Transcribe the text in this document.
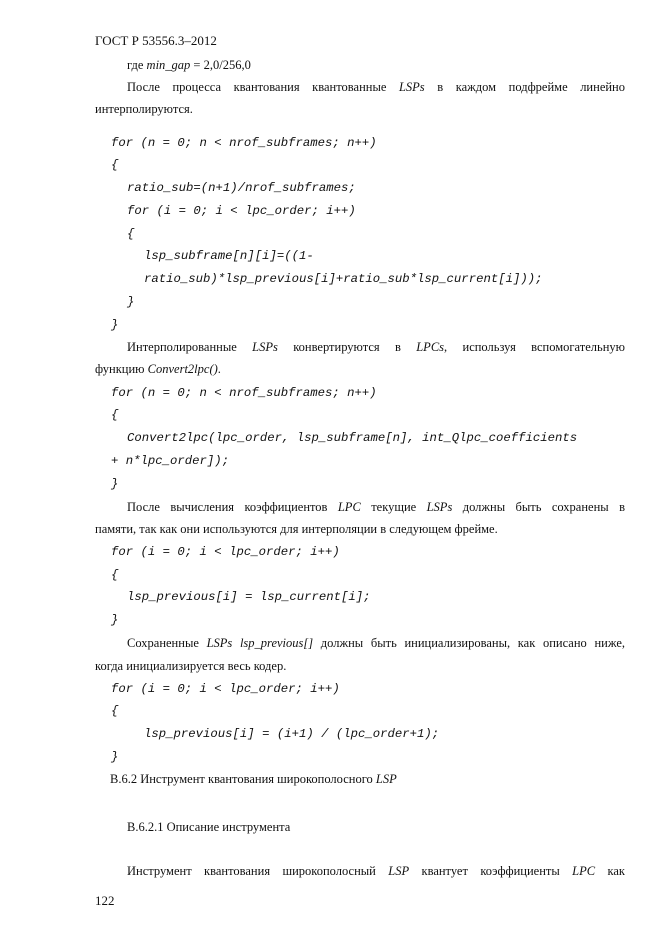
ГОСТ Р 53556.3–2012
где min_gap = 2,0/256,0
После процесса квантования квантованные LSPs в каждом подфрейме линейно
интерполируются.
for (n = 0; n < nrof_subframes; n++)
{
ratio_sub=(n+1)/nrof_subframes;
for (i = 0; i < lpc_order; i++)
{
lsp_subframe[n][i]=((1-
ratio_sub)*lsp_previous[i]+ratio_sub*lsp_current[i]));
}
}
Интерполированные LSPs конвертируются в LPCs, используя вспомогательную
функцию Convert2lpc().
for (n = 0; n < nrof_subframes; n++)
{
Convert2lpc(lpc_order, lsp_subframe[n], int_Qlpc_coefficients
+ n*lpc_order]);
}
После вычисления коэффициентов LPC текущие LSPs должны быть сохранены в
памяти, так как они используются для интерполяции в следующем фрейме.
for (i = 0; i < lpc_order; i++)
{
lsp_previous[i] = lsp_current[i];
}
Сохраненные LSPs lsp_previous[] должны быть инициализированы, как описано ниже,
когда инициализируется весь кодер.
for (i = 0; i < lpc_order; i++)
{
lsp_previous[i] = (i+1) / (lpc_order+1);
}
В.6.2 Инструмент квантования широкополосного LSP
В.6.2.1 Описание инструмента
Инструмент квантования широкополосный LSP квантует коэффициенты LPC как
122
